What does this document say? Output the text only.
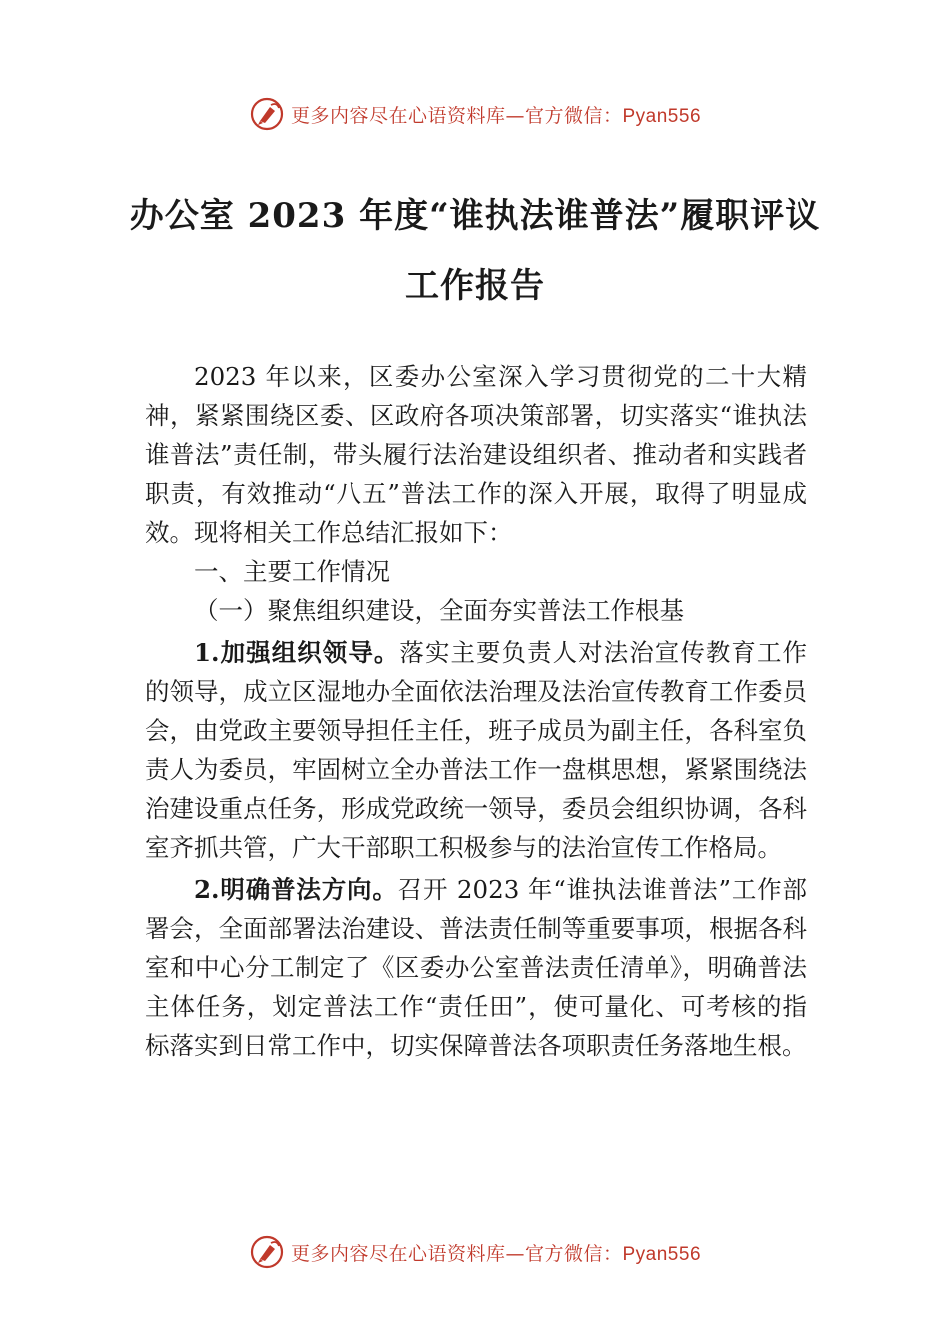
更多内容尽在心语资料库—官方微信：Pyan556
办公室 2023 年度“谁执法谁普法”履职评议
工作报告

2023 年以来，区委办公室深入学习贯彻党的二十大精神，紧紧围绕区委、区政府各项决策部署，切实落实“谁执法谁普法”责任制，带头履行法治建设组织者、推动者和实践者职责，有效推动“八五”普法工作的深入开展，取得了明显成效。现将相关工作总结汇报如下：

一、主要工作情况

（一）聚焦组织建设，全面夯实普法工作根基

1.加强组织领导。落实主要负责人对法治宣传教育工作的领导，成立区湿地办全面依法治理及法治宣传教育工作委员会，由党政主要领导担任主任，班子成员为副主任，各科室负责人为委员，牢固树立全办普法工作一盘棋思想，紧紧围绕法治建设重点任务，形成党政统一领导，委员会组织协调，各科室齐抓共管，广大干部职工积极参与的法治宣传工作格局。

2.明确普法方向。召开 2023 年“谁执法谁普法”工作部署会，全面部署法治建设、普法责任制等重要事项，根据各科室和中心分工制定了《区委办公室普法责任清单》，明确普法主体任务，划定普法工作“责任田”，使可量化、可考核的指标落实到日常工作中，切实保障普法各项职责任务落地生根。

更多内容尽在心语资料库—官方微信：Pyan556
